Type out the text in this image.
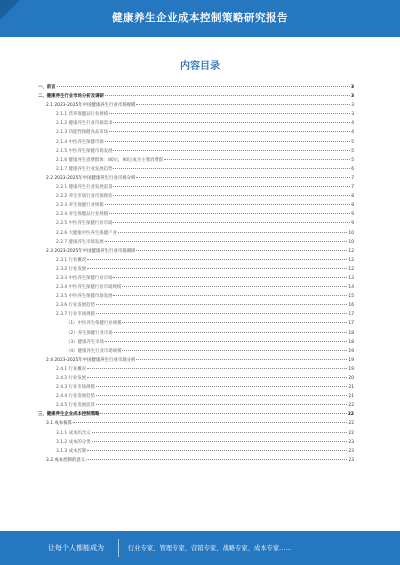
健康养生企业成本控制策略研究报告
内容目录
一、前言	3
二、健康养生行业市场分析及调研	3
2.1 2023-2025年中国健康养生行业市场规模	3
2.1.1 营养保健品行业规模	3
2.1.2 健康养生行业市场需求	4
2.1.3 功能性保健食品市场	4
2.1.4 中医养生保健市场	5
2.1.5 中医养生保健市场发展	5
2.1.6 健康养生消费群体：80后、90后成为主要消费群	5
2.1.7 健康养生行业发展趋势	6
2.2 2023-2025年中国健康养生行业市场分析	7
2.2.1 健康养生行业发展前景	7
2.2.2 养生市场行业市场现状	8
2.2.3 养生保健行业规模	8
2.2.4 养生保健品行业规模	9
2.2.5 中医养生保健行业市场	9
2.2.6 大健康中医养生保健产业	10
2.2.7 健康养生市场发展	10
2.3 2023-2025年中国健康养生行业市场调研	12
2.3.1 行业概况	12
2.3.2 行业发展	12
2.3.3 中医养生保健行业市场	13
2.3.4 中医养生保健行业市场规模	14
2.3.5 中医养生保健市场发展	15
2.3.6 行业发展趋势	16
2.3.7 行业市场规模	17
（1）中医养生保健行业规模	17
（2）养生保健行业市场	18
（3）健康养生市场	18
（4）健康养生行业市场规模	19
2.4 2023-2025年中国健康养生行业市场分析	19
2.4.1 行业概况	19
2.4.2 行业发展	20
2.4.3 行业市场规模	21
2.4.4 行业发展趋势	21
2.4.5 行业发展前景	22
三、健康养生企业成本控制策略	22
3.1 成本核算	22
3.1.1 成本的含义	22
3.1.2 成本的分类	23
3.1.3 成本控制	23
3.2 成本控制的意义	23
让每个人都能成为	行业专家、管理专家、营销专家、战略专家、成本专家……
